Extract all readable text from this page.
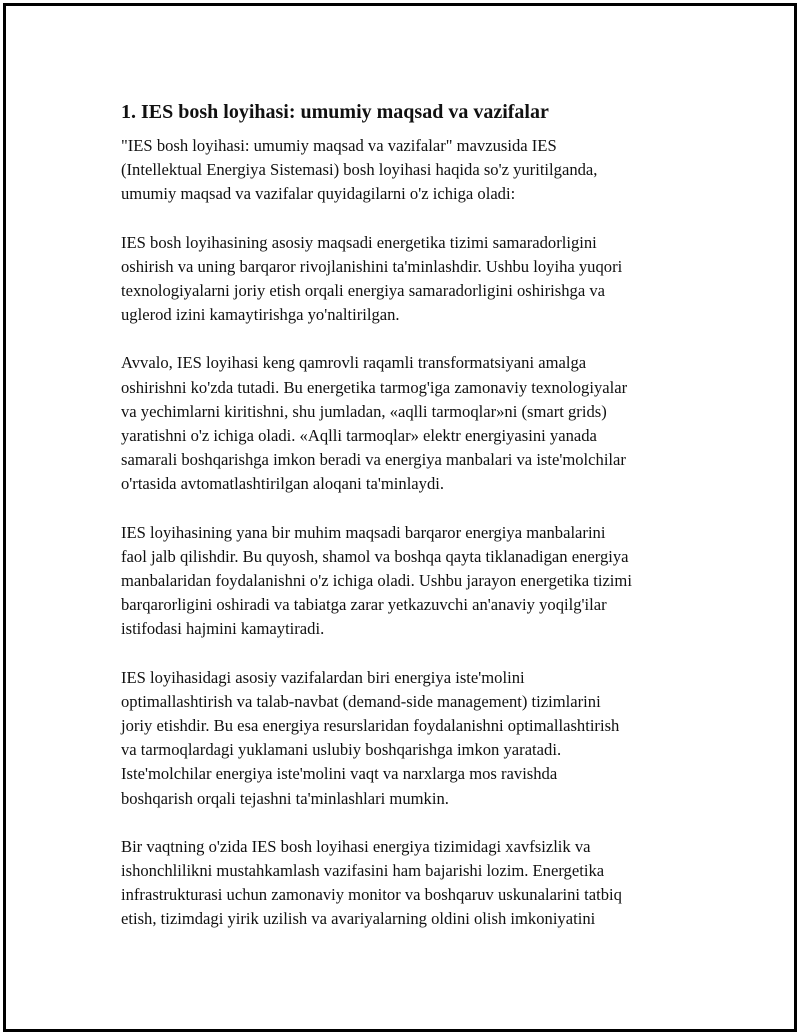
1. IES bosh loyihasi: umumiy maqsad va vazifalar
"IES bosh loyihasi: umumiy maqsad va vazifalar" mavzusida IES
(Intellektual Energiya Sistemasi) bosh loyihasi haqida so'z yuritilganda,
umumiy maqsad va vazifalar quyidagilarni o'z ichiga oladi:
IES bosh loyihasining asosiy maqsadi energetika tizimi samaradorligini
oshirish va uning barqaror rivojlanishini ta'minlashdir. Ushbu loyiha yuqori
texnologiyalarni joriy etish orqali energiya samaradorligini oshirishga va
uglerod izini kamaytirishga yo'naltirilgan.
Avvalo, IES loyihasi keng qamrovli raqamli transformatsiyani amalga
oshirishni ko'zda tutadi. Bu energetika tarmog'iga zamonaviy texnologiyalar
va yechimlarni kiritishni, shu jumladan, «aqlli tarmoqlar»ni (smart grids)
yaratishni o'z ichiga oladi. «Aqlli tarmoqlar» elektr energiyasini yanada
samarali boshqarishga imkon beradi va energiya manbalari va iste'molchilar
o'rtasida avtomatlashtirilgan aloqani ta'minlaydi.
IES loyihasining yana bir muhim maqsadi barqaror energiya manbalarini
faol jalb qilishdir. Bu quyosh, shamol va boshqa qayta tiklanadigan energiya
manbalaridan foydalanishni o'z ichiga oladi. Ushbu jarayon energetika tizimi
barqarorligini oshiradi va tabiatga zarar yetkazuvchi an'anaviy yoqilg'ilar
istifodasi hajmini kamaytiradi.
IES loyihasidagi asosiy vazifalardan biri energiya iste'molini
optimallashtirish va talab-navbat (demand-side management) tizimlarini
joriy etishdir. Bu esa energiya resurslaridan foydalanishni optimallashtirish
va tarmoqlardagi yuklamani uslubiy boshqarishga imkon yaratadi.
Iste'molchilar energiya iste'molini vaqt va narxlarga mos ravishda
boshqarish orqali tejashni ta'minlashlari mumkin.
Bir vaqtning o'zida IES bosh loyihasi energiya tizimidagi xavfsizlik va
ishonchlilikni mustahkamlash vazifasini ham bajarishi lozim. Energetika
infrastrukturasi uchun zamonaviy monitor va boshqaruv uskunalarini tatbiq
etish, tizimdagi yirik uzilish va avariyalarning oldini olish imkoniyatini
